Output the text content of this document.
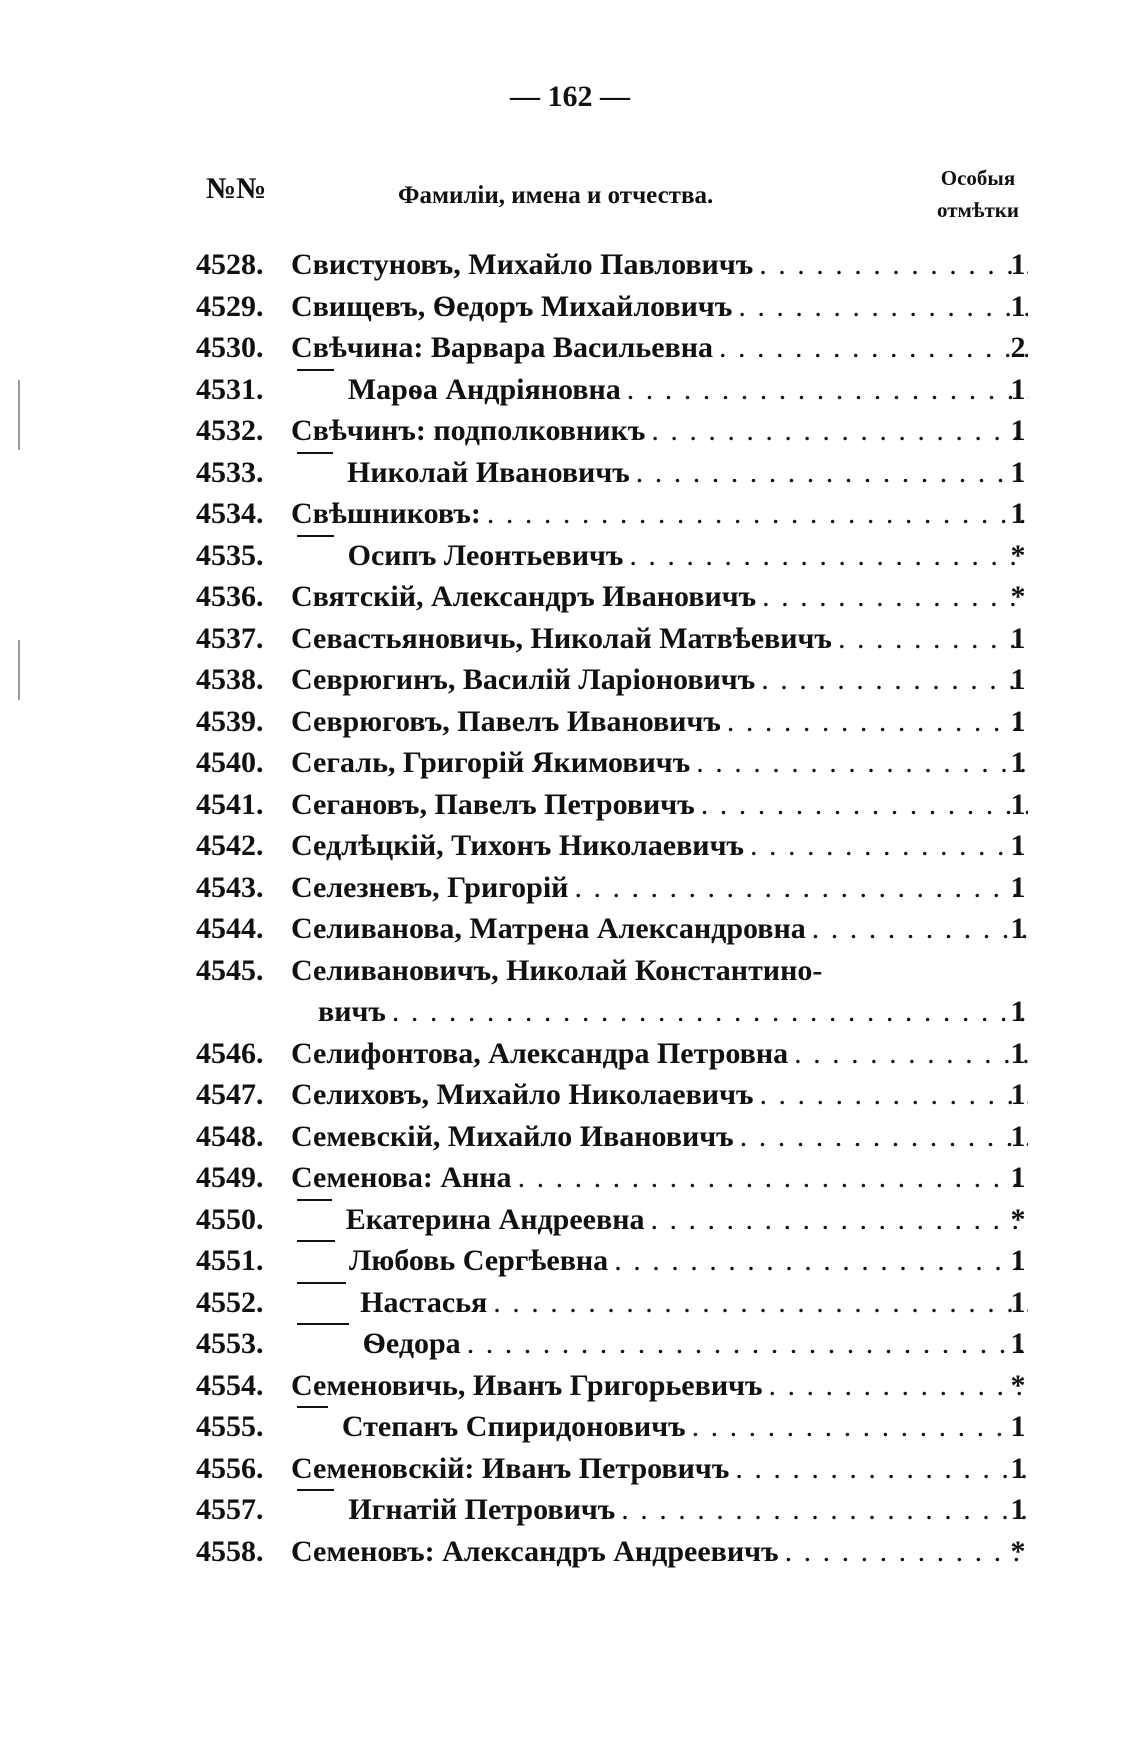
— 162 —
№№	Фамиліи, имена и отчества.
Особыя
отмѣтки
4528. Свистуновъ, Михайло Павловичъ . . .	1
4529. Свищевъ, Ѳедоръ Михайловичъ . . .	1
4530. Свѣчина: Варвара Васильевна . . .	2
4531.	Марѳа Андріяновна . . .	1
4532. Свѣчинъ: подполковникъ . . .	1
4533.	Николай Ивановичъ . . .	1
4534. Свѣшниковъ: . . .	1
4535.	Осипъ Леонтьевичъ . . .	*
4536. Святскій, Александръ Ивановичъ . . .	*
4537. Севастьяновичь, Николай Матвѣевичъ . . .	1
4538. Севрюгинъ, Василій Ларіоновичъ . . .	1
4539. Севрюговъ, Павелъ Ивановичъ . . .	1
4540. Сегаль, Григорій Якимовичъ . . .	1
4541. Сегановъ, Павелъ Петровичъ . . .	1
4542. Седлѣцкій, Тихонъ Николаевичъ . . .	1
4543. Селезневъ, Григорій . . .	1
4544. Селиванова, Матрена Александровна . . .	1
4545. Селивановичъ, Николай Константино-
вичъ . . .	1
4546. Селифонтова, Александра Петровна . . .	1
4547. Селиховъ, Михайло Николаевичъ . . .	1
4548. Семевскій, Михайло Ивановичъ . . .	1
4549. Семенова: Анна . . .	1
4550.	Екатерина Андреевна . . .	*
4551.	Любовь Сергѣевна . . .	1
4552.	Настасья . . .	1
4553.	Ѳедора . . .	1
4554. Семеновичь, Иванъ Григорьевичъ . . .	*
4555.	Степанъ Спиридоновичъ . . .	1
4556. Семеновскій: Иванъ Петровичъ . . .	1
4557.	Игнатій Петровичъ . . .	1
4558. Семеновъ: Александръ Андреевичъ . . .	*
